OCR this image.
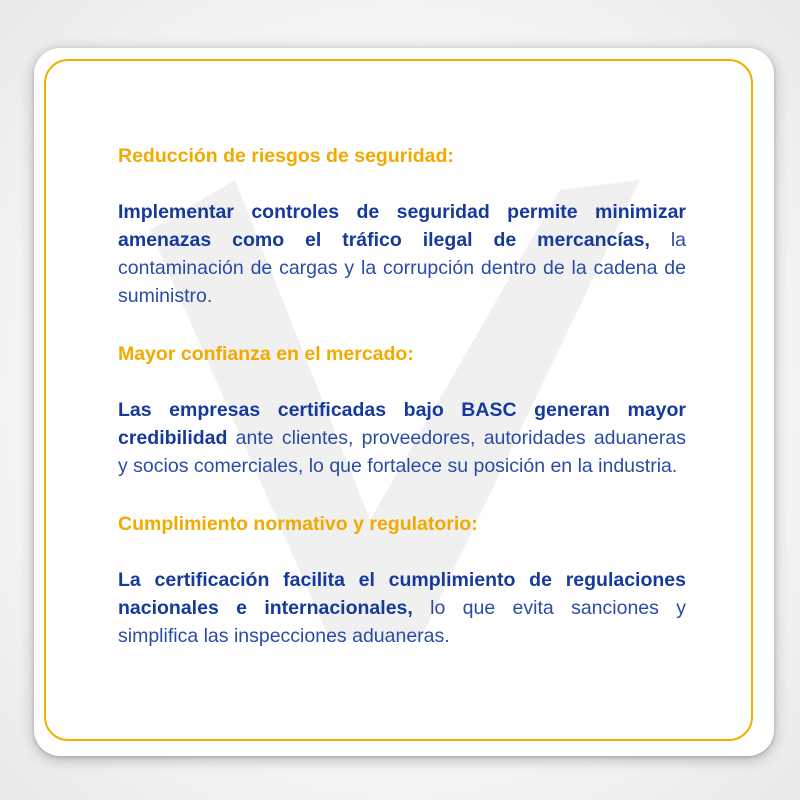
Reducción de riesgos de seguridad:

Implementar controles de seguridad permite minimizar amenazas como el tráfico ilegal de mercancías, la contaminación de cargas y la corrupción dentro de la cadena de suministro.

Mayor confianza en el mercado:

Las empresas certificadas bajo BASC generan mayor credibilidad ante clientes, proveedores, autoridades aduaneras y socios comerciales, lo que fortalece su posición en la industria.

Cumplimiento normativo y regulatorio:

La certificación facilita el cumplimiento de regulaciones nacionales e internacionales, lo que evita sanciones y simplifica las inspecciones aduaneras.
